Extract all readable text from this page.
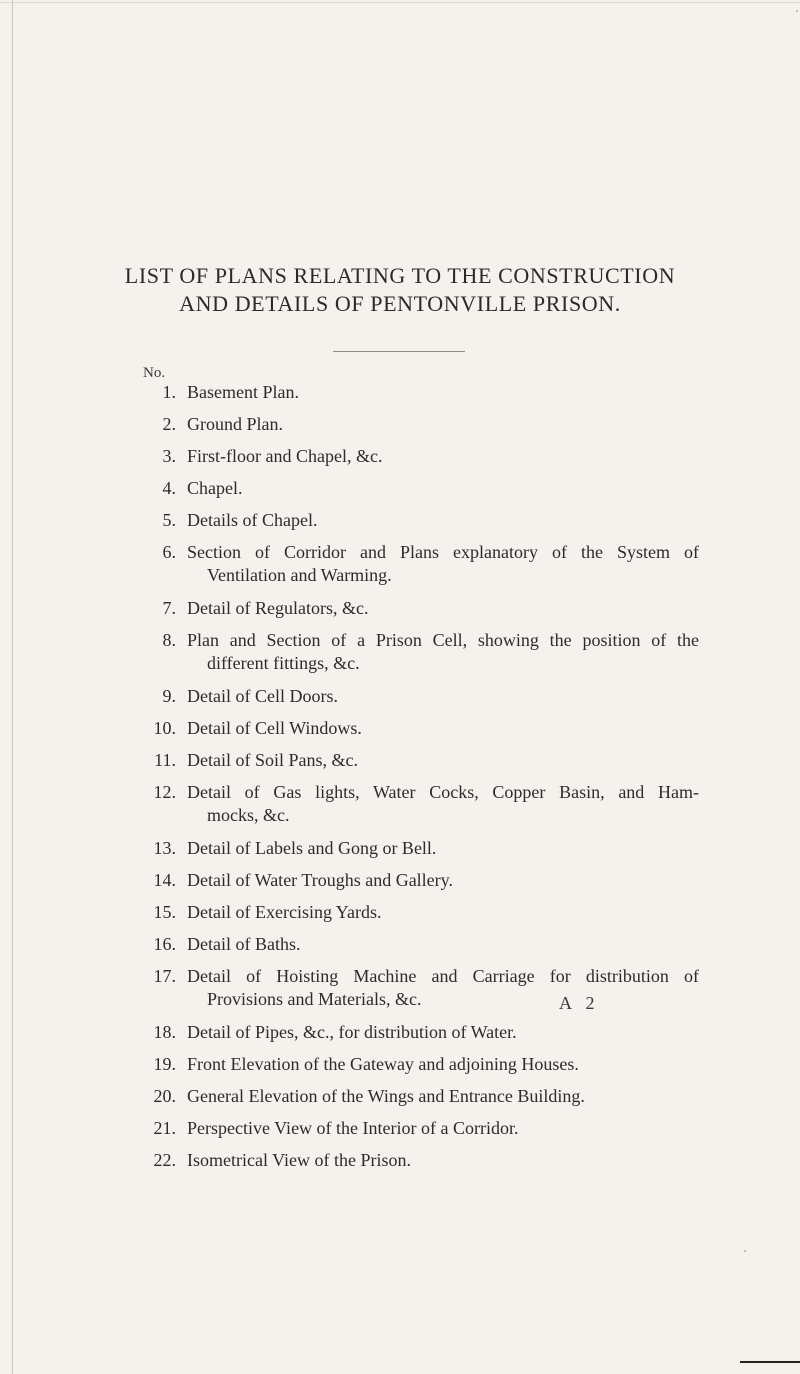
LIST OF PLANS RELATING TO THE CONSTRUCTION
AND DETAILS OF PENTONVILLE PRISON.
No.
1. Basement Plan.
2. Ground Plan.
3. First-floor and Chapel, &c.
4. Chapel.
5. Details of Chapel.
6. Section of Corridor and Plans explanatory of the System of
Ventilation and Warming.
7. Detail of Regulators, &c.
8. Plan and Section of a Prison Cell, showing the position of the
different fittings, &c.
9. Detail of Cell Doors.
10. Detail of Cell Windows.
11. Detail of Soil Pans, &c.
12. Detail of Gas lights, Water Cocks, Copper Basin, and Ham-
mocks, &c.
13. Detail of Labels and Gong or Bell.
14. Detail of Water Troughs and Gallery.
15. Detail of Exercising Yards.
16. Detail of Baths.
17. Detail of Hoisting Machine and Carriage for distribution of
Provisions and Materials, &c.
18. Detail of Pipes, &c., for distribution of Water.
19. Front Elevation of the Gateway and adjoining Houses.
20. General Elevation of the Wings and Entrance Building.
21. Perspective View of the Interior of a Corridor.
22. Isometrical View of the Prison.
A 2
